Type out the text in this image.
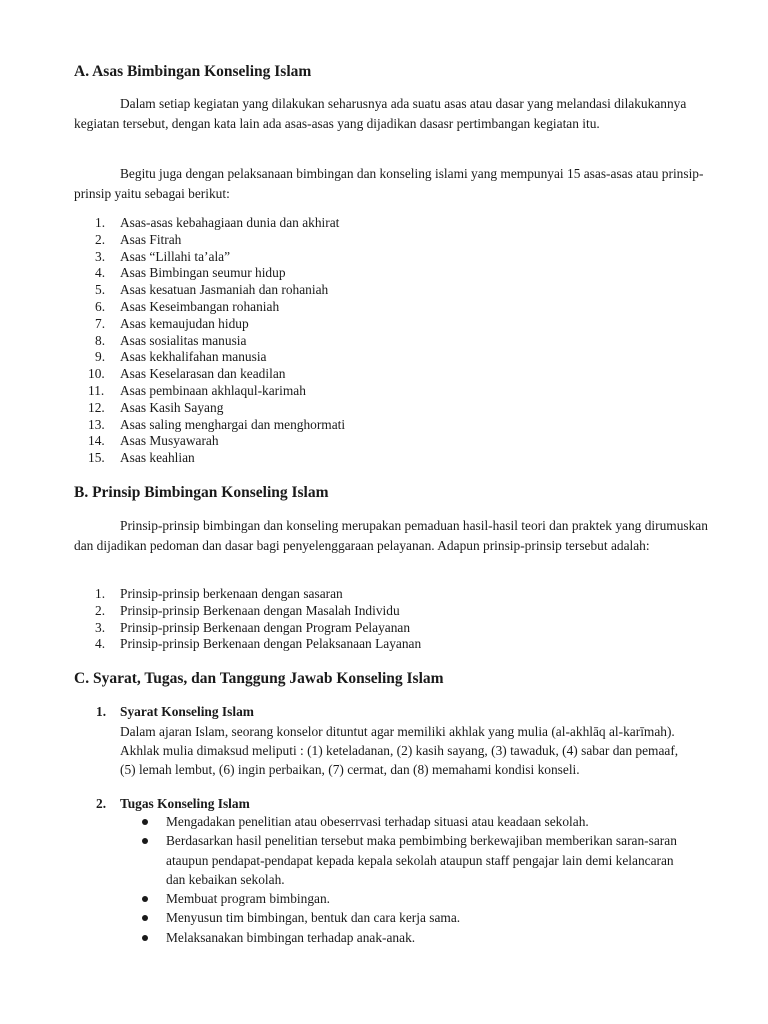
A. Asas Bimbingan Konseling Islam

Dalam setiap kegiatan yang dilakukan seharusnya ada suatu asas atau dasar yang melandasi dilakukannya kegiatan tersebut, dengan kata lain ada asas-asas yang dijadikan dasasr pertimbangan kegiatan itu.

Begitu juga dengan pelaksanaan bimbingan dan konseling islami yang mempunyai 15 asas-asas atau prinsip-prinsip yaitu sebagai berikut:

1. Asas-asas kebahagiaan dunia dan akhirat
2. Asas Fitrah
3. Asas “Lillahi ta’ala”
4. Asas Bimbingan seumur hidup
5. Asas kesatuan Jasmaniah dan rohaniah
6. Asas Keseimbangan rohaniah
7. Asas kemaujudan hidup
8. Asas sosialitas manusia
9. Asas kekhalifahan manusia
10. Asas Keselarasan dan keadilan
11. Asas pembinaan akhlaqul-karimah
12. Asas Kasih Sayang
13. Asas saling menghargai dan menghormati
14. Asas Musyawarah
15. Asas keahlian
B. Prinsip Bimbingan Konseling Islam

Prinsip-prinsip bimbingan dan konseling merupakan pemaduan hasil-hasil teori dan praktek yang dirumuskan dan dijadikan pedoman dan dasar bagi penyelenggaraan pelayanan. Adapun prinsip-prinsip tersebut adalah:

1. Prinsip-prinsip berkenaan dengan sasaran
2. Prinsip-prinsip Berkenaan dengan Masalah Individu
3. Prinsip-prinsip Berkenaan dengan Program Pelayanan
4. Prinsip-prinsip Berkenaan dengan Pelaksanaan Layanan
C. Syarat, Tugas, dan Tanggung Jawab Konseling Islam
1. Syarat Konseling Islam
Dalam ajaran Islam, seorang konselor dituntut agar memiliki akhlak yang mulia (al-akhlāq al-karīmah). Akhlak mulia dimaksud meliputi : (1) keteladanan, (2) kasih sayang, (3) tawaduk, (4) sabar dan pemaaf, (5) lemah lembut, (6) ingin perbaikan, (7) cermat, dan (8) memahami kondisi konseli.
2. Tugas Konseling Islam
Mengadakan penelitian atau obeserrvasi terhadap situasi atau keadaan sekolah.
Berdasarkan hasil penelitian tersebut maka pembimbing berkewajiban memberikan saran-saran ataupun pendapat-pendapat kepada kepala sekolah ataupun staff pengajar lain demi kelancaran dan kebaikan sekolah.
Membuat program bimbingan.
Menyusun tim bimbingan, bentuk dan cara kerja sama.
Melaksanakan bimbingan terhadap anak-anak.
